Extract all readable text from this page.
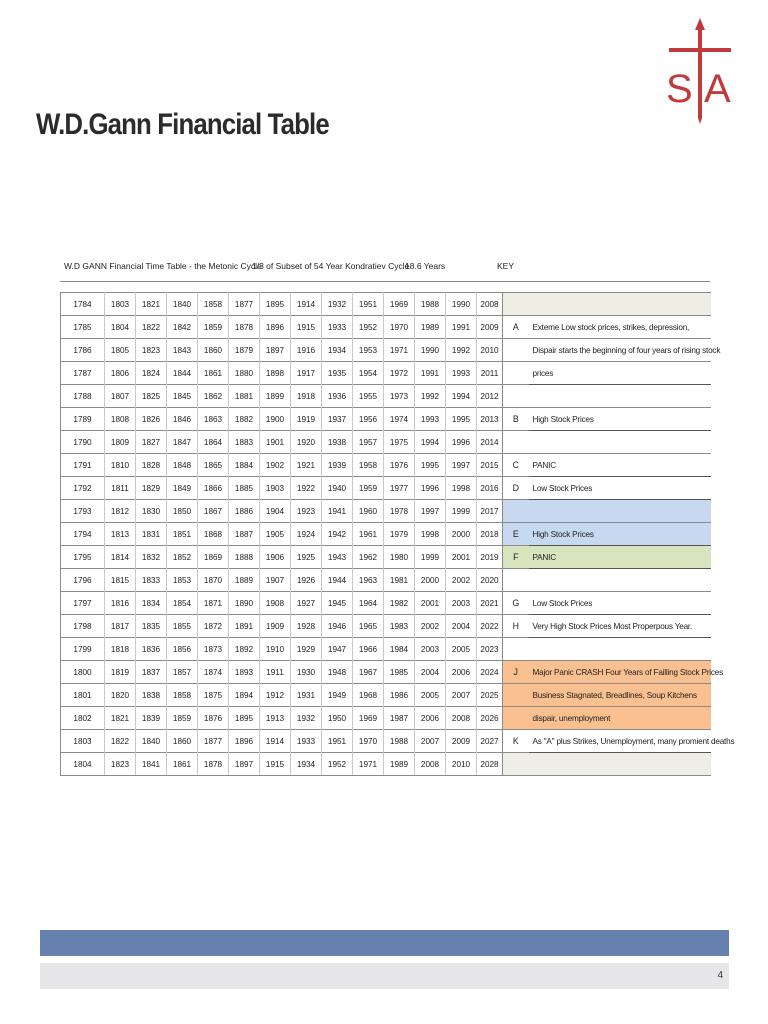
W.D.Gann Financial Table
S A
W.D GANN Financial Time Table - the Metonic Cycle
1/3 of Subset of 54 Year Kondratiev Cycle
18.6 Years	KEY
1784	1803	1821	1840	1858	1877	1895	1914	1932	1951	1969	1988	1990	2008		
1785	1804	1822	1842	1859	1878	1896	1915	1933	1952	1970	1989	1991	2009	A	Exteme Low stock prices, strikes, depression,
1786	1805	1823	1843	1860	1879	1897	1916	1934	1953	1971	1990	1992	2010		Dispair starts the beginning of four years of rising stock
1787	1806	1824	1844	1861	1880	1898	1917	1935	1954	1972	1991	1993	2011		prices
1788	1807	1825	1845	1862	1881	1899	1918	1936	1955	1973	1992	1994	2012		
1789	1808	1826	1846	1863	1882	1900	1919	1937	1956	1974	1993	1995	2013	B	High Stock Prices
1790	1809	1827	1847	1864	1883	1901	1920	1938	1957	1975	1994	1996	2014		
1791	1810	1828	1848	1865	1884	1902	1921	1939	1958	1976	1995	1997	2015	C	PANIC
1792	1811	1829	1849	1866	1885	1903	1922	1940	1959	1977	1996	1998	2016	D	Low Stock Prices
1793	1812	1830	1850	1867	1886	1904	1923	1941	1960	1978	1997	1999	2017		
1794	1813	1831	1851	1868	1887	1905	1924	1942	1961	1979	1998	2000	2018	E	High Stock Prices
1795	1814	1832	1852	1869	1888	1906	1925	1943	1962	1980	1999	2001	2019	F	PANIC
1796	1815	1833	1853	1870	1889	1907	1926	1944	1963	1981	2000	2002	2020		
1797	1816	1834	1854	1871	1890	1908	1927	1945	1964	1982	2001	2003	2021	G	Low Stock Prices
1798	1817	1835	1855	1872	1891	1909	1928	1946	1965	1983	2002	2004	2022	H	Very High Stock Prices Most Properpous Year.
1799	1818	1836	1856	1873	1892	1910	1929	1947	1966	1984	2003	2005	2023		
1800	1819	1837	1857	1874	1893	1911	1930	1948	1967	1985	2004	2006	2024	J	Major Panic CRASH Four Years of Failling Stock Prices
1801	1820	1838	1858	1875	1894	1912	1931	1949	1968	1986	2005	2007	2025		Business Stagnated, Breadlines, Soup Kitchens
1802	1821	1839	1859	1876	1895	1913	1932	1950	1969	1987	2006	2008	2026		dispair, unemployment
1803	1822	1840	1860	1877	1896	1914	1933	1951	1970	1988	2007	2009	2027	K	As "A" plus Strikes, Unemployment, many promient deaths
1804	1823	1841	1861	1878	1897	1915	1934	1952	1971	1989	2008	2010	2028		
4
